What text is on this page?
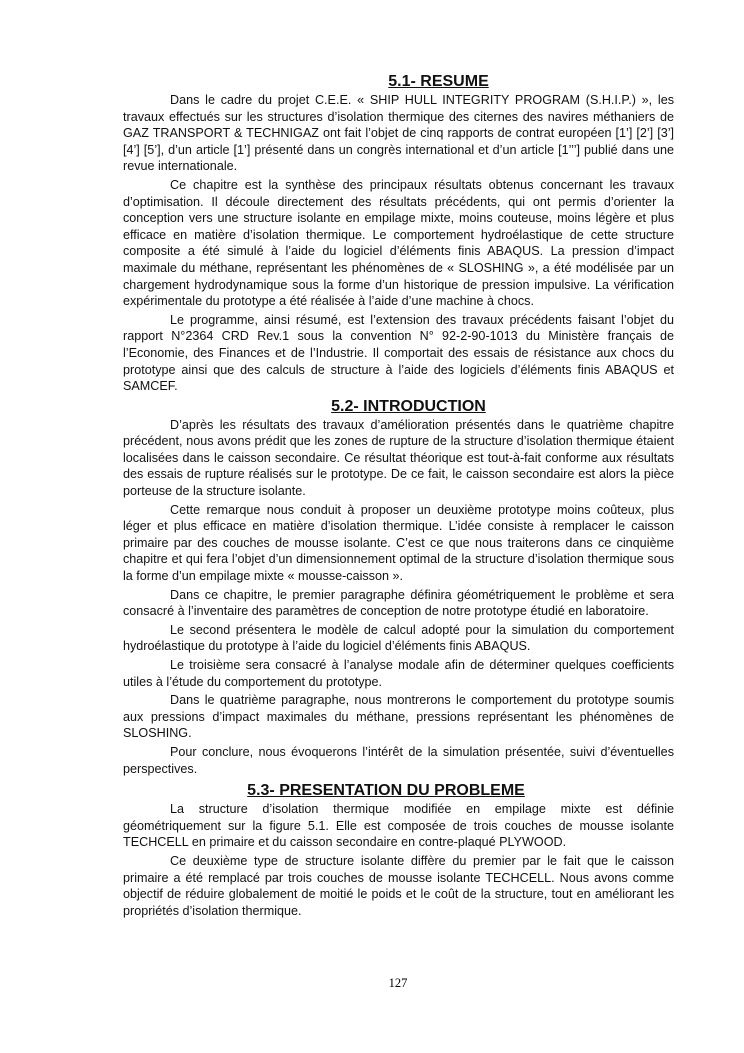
5.1- RESUME

Dans le cadre du projet C.E.E. « SHIP HULL INTEGRITY PROGRAM (S.H.I.P.) », les travaux effectués sur les structures d’isolation thermique des citernes des navires méthaniers de GAZ TRANSPORT & TECHNIGAZ ont fait l’objet de cinq rapports de contrat européen [1’] [2’] [3’] [4’] [5’], d’un article [1’] présenté dans un congrès international et d’un article [1’’’] publié dans une revue internationale.

Ce chapitre est la synthèse des principaux résultats obtenus concernant les travaux d’optimisation. Il découle directement des résultats précédents, qui ont permis d’orienter la conception vers une structure isolante en empilage mixte, moins couteuse, moins légère et plus efficace en matière d’isolation thermique. Le comportement hydroélastique de cette structure composite a été simulé à l’aide du logiciel d’éléments finis ABAQUS. La pression d’impact maximale du méthane, représentant les phénomènes de « SLOSHING », a été modélisée par un chargement hydrodynamique sous la forme d’un historique de pression impulsive. La vérification expérimentale du prototype a été réalisée à l’aide d’une machine à chocs.

Le programme, ainsi résumé, est l’extension des travaux précédents faisant l’objet du rapport N°2364 CRD Rev.1 sous la convention N° 92-2-90-1013 du Ministère français de l’Economie, des Finances et de l’Industrie. Il comportait des essais de résistance aux chocs du prototype ainsi que des calculs de structure à l’aide des logiciels d’éléments finis ABAQUS et SAMCEF.

5.2- INTRODUCTION

D’après les résultats des travaux d’amélioration présentés dans le quatrième chapitre précédent, nous avons prédit que les zones de rupture de la structure d’isolation thermique étaient localisées dans le caisson secondaire. Ce résultat théorique est tout-à-fait conforme aux résultats des essais de rupture réalisés sur le prototype. De ce fait, le caisson secondaire est alors la pièce porteuse de la structure isolante.

Cette remarque nous conduit à proposer un deuxième prototype moins coûteux, plus léger et plus efficace en matière d’isolation thermique. L’idée consiste à remplacer le caisson primaire par des couches de mousse isolante. C’est ce que nous traiterons dans ce cinquième chapitre et qui fera l’objet d’un dimensionnement optimal de la structure d’isolation thermique sous la forme d’un empilage mixte « mousse-caisson ».

Dans ce chapitre, le premier paragraphe définira géométriquement le problème et sera consacré à l’inventaire des paramètres de conception de notre prototype étudié en laboratoire.

Le second présentera le modèle de calcul adopté pour la simulation du comportement hydroélastique du prototype à l’aide du logiciel d’éléments finis ABAQUS.

Le troisième sera consacré à l’analyse modale afin de déterminer quelques coefficients utiles à l’étude du comportement du prototype.

Dans le quatrième paragraphe, nous montrerons le comportement du prototype soumis aux pressions d’impact maximales du méthane, pressions représentant les phénomènes de SLOSHING.

Pour conclure, nous évoquerons l’intérêt de la simulation présentée, suivi d’éventuelles perspectives.

5.3- PRESENTATION DU PROBLEME

La structure d’isolation thermique modifiée en empilage mixte est définie géométriquement sur la figure 5.1. Elle est composée de trois couches de mousse isolante TECHCELL en primaire et du caisson secondaire en contre-plaqué PLYWOOD.

Ce deuxième type de structure isolante diffère du premier par le fait que le caisson primaire a été remplacé par trois couches de mousse isolante TECHCELL. Nous avons comme objectif de réduire globalement de moitié le poids et le coût de la structure, tout en améliorant les propriétés d’isolation thermique.

127
